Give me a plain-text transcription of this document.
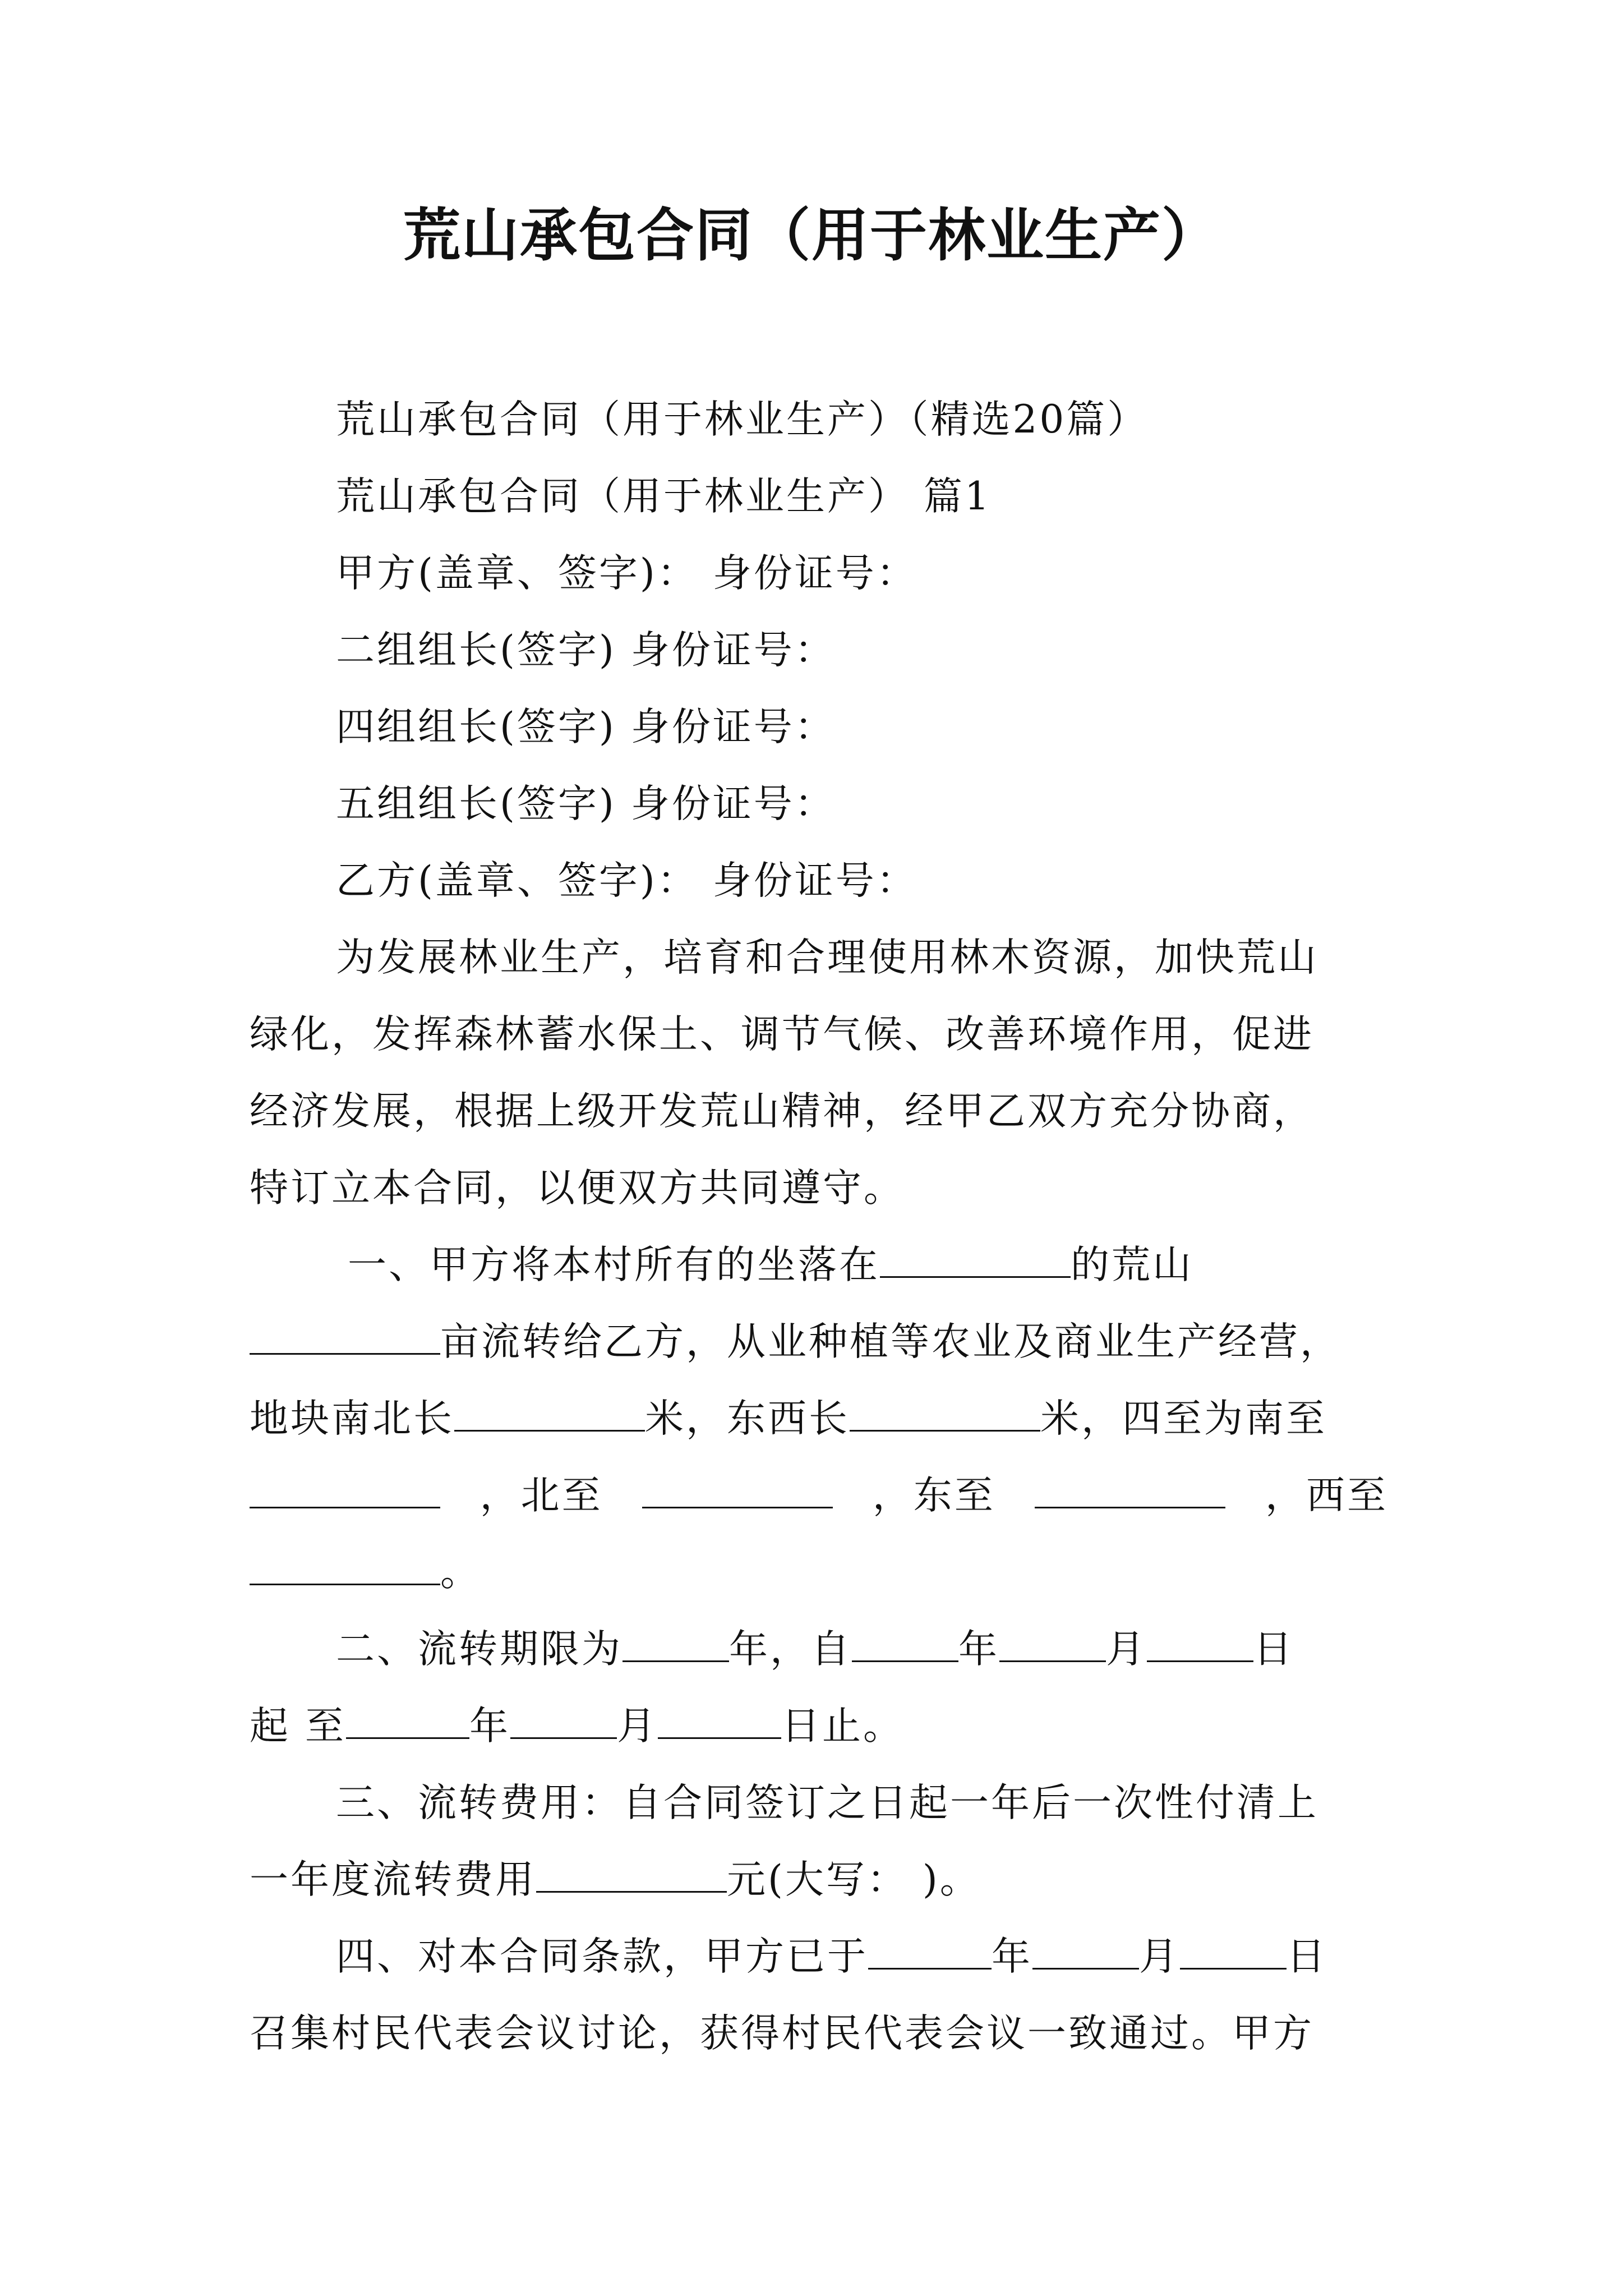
荒山承包合同（用于林业生产）
荒山承包合同（用于林业生产）（精选20篇）
荒山承包合同（用于林业生产） 篇1
甲方(盖章、签字)： 身份证号：
二组组长(签字) 身份证号：
四组组长(签字) 身份证号：
五组组长(签字) 身份证号：
乙方(盖章、签字)： 身份证号：
为发展林业生产，培育和合理使用林木资源，加快荒山
绿化，发挥森林蓄水保土、调节气候、改善环境作用，促进
经济发展，根据上级开发荒山精神，经甲乙双方充分协商，
特订立本合同，以便双方共同遵守。
一、甲方将本村所有的坐落在	的荒山
亩流转给乙方，从业种植等农业及商业生产经营，
地块南北长	米，东西长	米，四至为南至
，北至	，东至	，西至
。
二、流转期限为	年，自	年	月	日
起 至	年	月	日止。
三、流转费用：自合同签订之日起一年后一次性付清上
一年度流转费用	元(大写： )。
四、对本合同条款，甲方已于	年	月	日
召集村民代表会议讨论，获得村民代表会议一致通过。甲方
